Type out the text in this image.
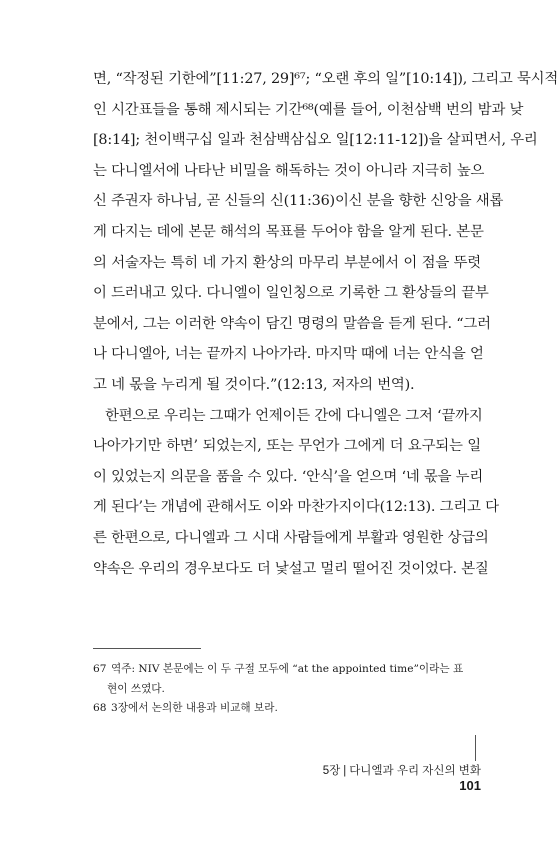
면, “작정된 기한에”[11:27, 29]⁶⁷; “오랜 후의 일”[10:14]), 그리고 묵시적
인 시간표들을 통해 제시되는 기간⁶⁸(예를 들어, 이천삼백 번의 밤과 낮
[8:14]; 천이백구십 일과 천삼백삼십오 일[12:11-12])을 살피면서, 우리
는 다니엘서에 나타난 비밀을 해독하는 것이 아니라 지극히 높으
신 주권자 하나님, 곧 신들의 신(11:36)이신 분을 향한 신앙을 새롭
게 다지는 데에 본문 해석의 목표를 두어야 함을 알게 된다. 본문
의 서술자는 특히 네 가지 환상의 마무리 부분에서 이 점을 뚜렷
이 드러내고 있다. 다니엘이 일인칭으로 기록한 그 환상들의 끝부
분에서, 그는 이러한 약속이 담긴 명령의 말씀을 듣게 된다. “그러
나 다니엘아, 너는 끝까지 나아가라. 마지막 때에 너는 안식을 얻
고 네 몫을 누리게 될 것이다.”(12:13, 저자의 번역).
한편으로 우리는 그때가 언제이든 간에 다니엘은 그저 ‘끝까지
나아가기만 하면’ 되었는지, 또는 무언가 그에게 더 요구되는 일
이 있었는지 의문을 품을 수 있다. ‘안식’을 얻으며 ‘네 몫을 누리
게 된다’는 개념에 관해서도 이와 마찬가지이다(12:13). 그리고 다
른 한편으로, 다니엘과 그 시대 사람들에게 부활과 영원한 상급의
약속은 우리의 경우보다도 더 낯설고 멀리 떨어진 것이었다. 본질
67 역주: NIV 본문에는 이 두 구절 모두에 “at the appointed time”이라는 표
현이 쓰였다.
68 3장에서 논의한 내용과 비교해 보라.
5장 | 다니엘과 우리 자신의 변화
101
